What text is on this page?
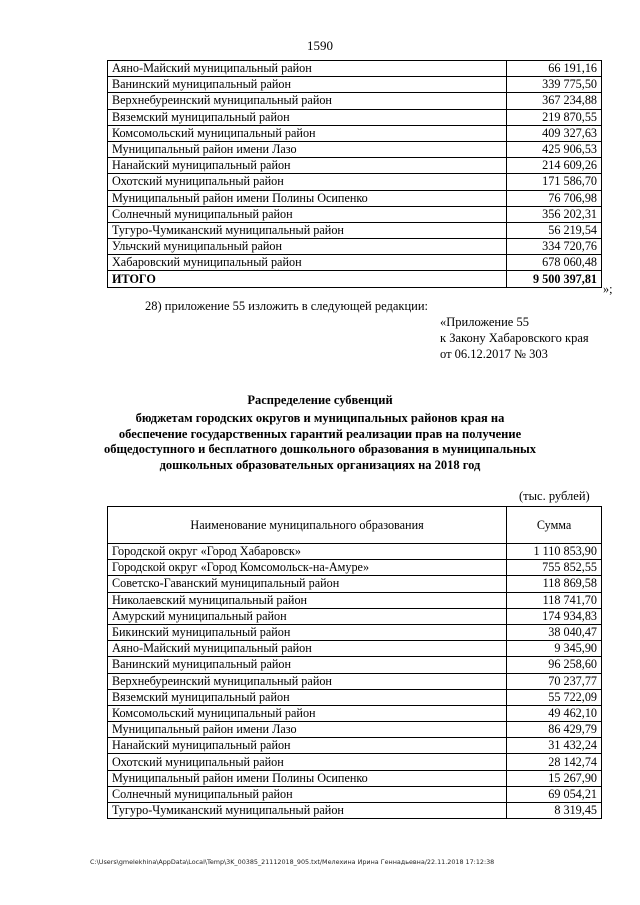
1590
Аяно-Майский муниципальный район	66 191,16
Ванинский муниципальный район	339 775,50
Верхнебуреинский муниципальный район	367 234,88
Вяземский муниципальный район	219 870,55
Комсомольский муниципальный район	409 327,63
Муниципальный район имени Лазо	425 906,53
Нанайский муниципальный район	214 609,26
Охотский муниципальный район	171 586,70
Муниципальный район имени Полины Осипенко	76 706,98
Солнечный муниципальный район	356 202,31
Тугуро-Чумиканский муниципальный район	56 219,54
Ульчский муниципальный район	334 720,76
Хабаровский муниципальный район	678 060,48
ИТОГО	9 500 397,81
»;
28) приложение 55 изложить в следующей редакции:
«Приложение 55
к Закону Хабаровского края
от 06.12.2017 № 303
Распределение субвенций
бюджетам городских округов и муниципальных районов края на
обеспечение государственных гарантий реализации прав на получение
общедоступного и бесплатного дошкольного образования в муниципальных
дошкольных образовательных организациях на 2018 год
(тыс. рублей)
Наименование муниципального образования	Сумма
Городской округ «Город Хабаровск»	1 110 853,90
Городской округ «Город Комсомольск-на-Амуре»	755 852,55
Советско-Гаванский муниципальный район	118 869,58
Николаевский муниципальный район	118 741,70
Амурский муниципальный район	174 934,83
Бикинский муниципальный район	38 040,47
Аяно-Майский муниципальный район	9 345,90
Ванинский муниципальный район	96 258,60
Верхнебуреинский муниципальный район	70 237,77
Вяземский муниципальный район	55 722,09
Комсомольский муниципальный район	49 462,10
Муниципальный район имени Лазо	86 429,79
Нанайский муниципальный район	31 432,24
Охотский муниципальный район	28 142,74
Муниципальный район имени Полины Осипенко	15 267,90
Солнечный муниципальный район	69 054,21
Тугуро-Чумиканский муниципальный район	8 319,45
C:\Users\gmelekhina\AppData\Local\Temp\3K_00385_21112018_905.txt/Мелехина Ирина Геннадьевна/22.11.2018 17:12:38
